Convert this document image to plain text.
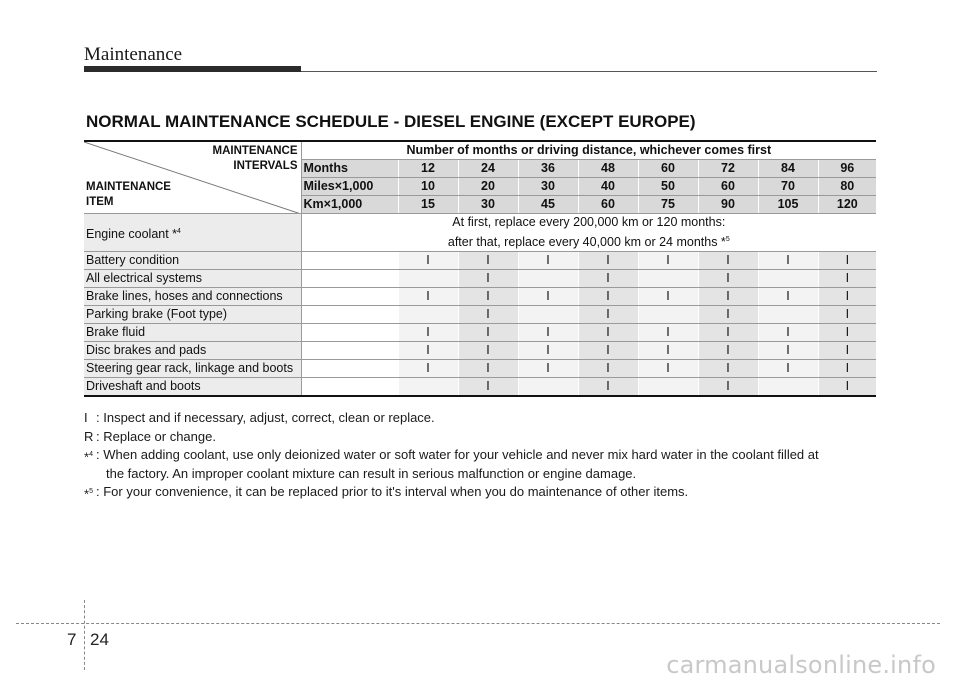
Maintenance
NORMAL MAINTENANCE SCHEDULE - DIESEL ENGINE (EXCEPT EUROPE)
MAINTENANCE INTERVALS
MAINTENANCE ITEM	Number of months or driving distance, whichever comes first								
	Months	12	24	36	48	60	72	84	96
	Miles×1,000	10	20	30	40	50	60	70	80
	Km×1,000	15	30	45	60	75	90	105	120
Engine coolant *$^4$	At first, replace every 200,000 km or 120 months:
after that, replace every 40,000 km or 24 months *$^5$

Battery condition		I	I	I	I	I	I	I	I
All electrical systems			I		I		I		I
Brake lines, hoses and connections		I	I	I	I	I	I	I	I
Parking brake (Foot type)			I		I		I		I
Brake fluid		I	I	I	I	I	I	I	I
Disc brakes and pads		I	I	I	I	I	I	I	I
Steering gear rack, linkage and boots		I	I	I	I	I	I	I	I
Driveshaft and boots			I		I		I		I
I : Inspect and if necessary, adjust, correct, clean or replace.
R : Replace or change.
*$^4$ : When adding coolant, use only deionized water or soft water for your vehicle and never mix hard water in the coolant filled at
the factory. An improper coolant mixture can result in serious malfunction or engine damage.
*$^5$ : For your convenience, it can be replaced prior to it's interval when you do maintenance of other items.
7 24
carmanualsonline.info
